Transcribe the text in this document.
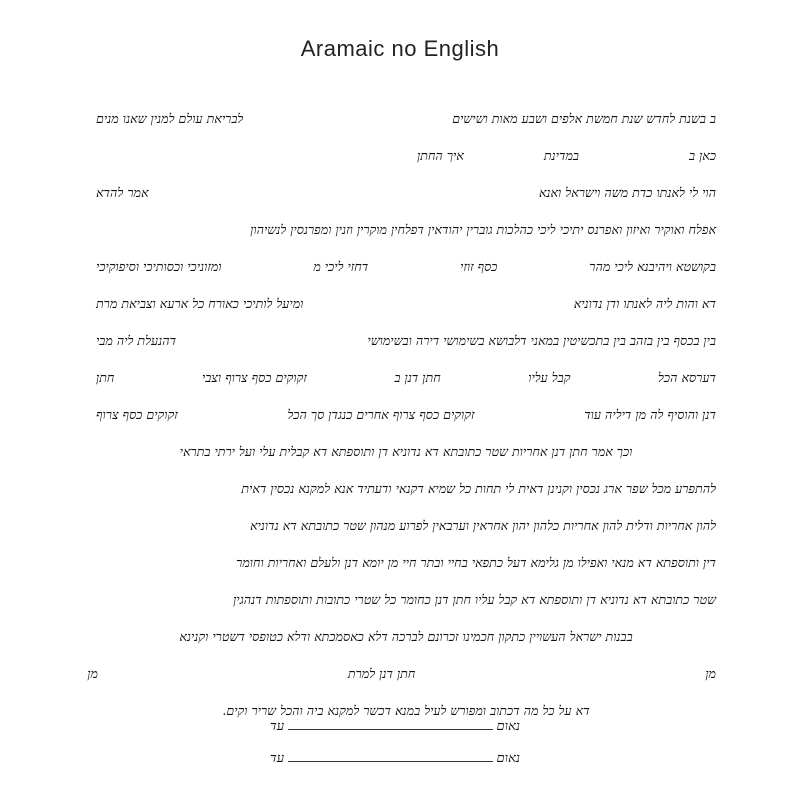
Aramaic no English
ב בשנת לחדש שנת חמשת אלפים ושבע מאות ושישים
לבריאת עולם למנין שאנו מנים
כאן ב
במדינת
איך החתן
הוי לי לאנתו כדת משה וישראל ואנא
אמר להדא
אפלח ואוקיר ואיזון ואפרנס יתיכי ליכי כהלכות גוברין יהודאין דפלחין מוקרין וזנין ומפרנסין לנשיהון
בקושטא ויהיבנא ליכי מהר
כסף זוזי
דחזי ליכי מ
ומזוניכי וכסותיכי וסיפוקיכי
דא והות ליה לאנתו ודן נדוניא
ומיעל לותיכי כאורח כל ארעא וצביאת מרת
בין בכסף בין בזהב בין בתכשיטין במאני דלבושא בשימושי דירה ובשימושי
דהנעלת ליה מבי
דערסא הכל
קבל עליו
חתן דנן ב
זקוקים כסף צרוף וצבי
חתן
דנן והוסיף לה מן דיליה עוד
זקוקים כסף צרוף אחרים כנגדן סך הכל
זקוקים כסף צרוף
וכך אמר חתן דנן אחריות שטר כתובתא דא נדוניא דן ותוספתא דא קבלית עלי ועל ירתי בתראי
להתפרע מכל שפר ארג נכסין וקנינן דאית לי תחות כל שמיא דקנאי ודעתיד אנא למקנא נכסין דאית
להון אחריות ודלית להון אחריות כלהון יהון אחראין וערבאין לפרוע מנהון שטר כתובתא דא נדוניא
דין ותוספתא דא מנאי ואפילו מן גלימא דעל כתפאי בחיי ובתר חיי מן יומא דנן ולעלם ואחריות וחומר
שטר כתובתא דא נדוניא דן ותוספתא דא קבל עליו חתן דנן כחומר כל שטרי כתובות ותוספתות דנהגין
בבנות ישראל העשויין כתקון חכמינו זכרונם לברכה דלא כאסמכתא ודלא כטופסי דשטרי וקנינא
מן
חתן דנן למרת
מן
דא על כל מה דכתוב ומפורש לעיל במנא דכשר למקנא ביה והכל שריר וקים.
נאום
עד
נאום
עד
